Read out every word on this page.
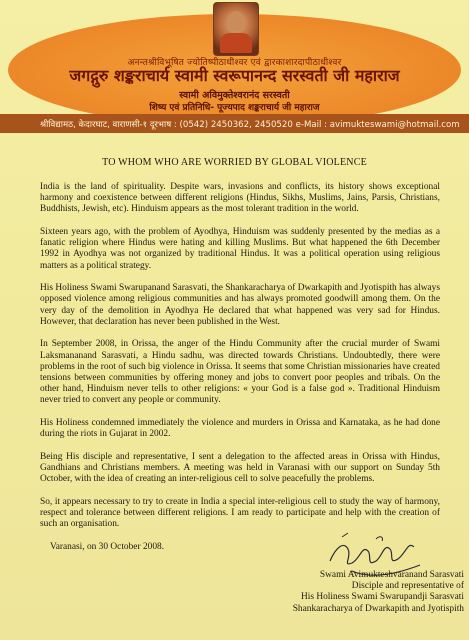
अनन्तश्रीविभूषित ज्योतिष्पीठाधीश्वर एवं द्वारकाशारदापीठाधीश्वर
जगद्गुरु शङ्कराचार्य स्वामी स्वरूपानन्द सरस्वती जी महाराज
स्वामी अविमुक्तेश्वरानंद सरस्वती
शिष्य एवं प्रतिनिधि- पूज्यपाद शङ्कराचार्य जी महाराज
श्रीविद्यामठ, केदारघाट, वाराणसी-१ दूरभाष : (0542) 2450362, 2450520 e-Mail : avimukteswami@hotmail.com
TO WHOM WHO ARE WORRIED BY GLOBAL VIOLENCE

India is the land of spirituality. Despite wars, invasions and conflicts, its history shows exceptional harmony and coexistence between different religions (Hindus, Sikhs, Muslims, Jains, Parsis, Christians, Buddhists, Jewish, etc). Hinduism appears as the most tolerant tradition in the world.

Sixteen years ago, with the problem of Ayodhya, Hinduism was suddenly presented by the medias as a fanatic religion where Hindus were hating and killing Muslims. But what happened the 6th December 1992 in Ayodhya was not organized by traditional Hindus. It was a political operation using religious matters as a political strategy.

His Holiness Swami Swarupanand Sarasvati, the Shankaracharya of Dwarkapith and Jyotispith has always opposed violence among religious communities and has always promoted goodwill among them. On the very day of the demolition in Ayodhya He declared that what happened was very sad for Hindus. However, that declaration has never been published in the West.

In September 2008, in Orissa, the anger of the Hindu Community after the crucial murder of Swami Laksmananand Sarasvati, a Hindu sadhu, was directed towards Christians. Undoubtedly, there were problems in the root of such big violence in Orissa. It seems that some Christian missionaries have created tensions between communities by offering money and jobs to convert poor peoples and tribals. On the other hand, Hinduism never tells to other religions: « your God is a false god ». Traditional Hinduism never tried to convert any people or community.

His Holiness condemned immediately the violence and murders in Orissa and Karnataka, as he had done during the riots in Gujarat in 2002.

Being His disciple and representative, I sent a delegation to the affected areas in Orissa with Hindus, Gandhians and Christians members. A meeting was held in Varanasi with our support on Sunday 5th October, with the idea of creating an inter-religious cell to solve peacefully the problems.

So, it appears necessary to try to create in India a special inter-religious cell to study the way of harmony, respect and tolerance between different religions. I am ready to participate and help with the creation of such an organisation.

Varanasi, on 30 October 2008.

Swami Avimukteshvaranand Sarasvati
Disciple and representative of
His Holiness Swami Swarupandji Sarasvati
Shankaracharya of Dwarkapith and Jyotispith
